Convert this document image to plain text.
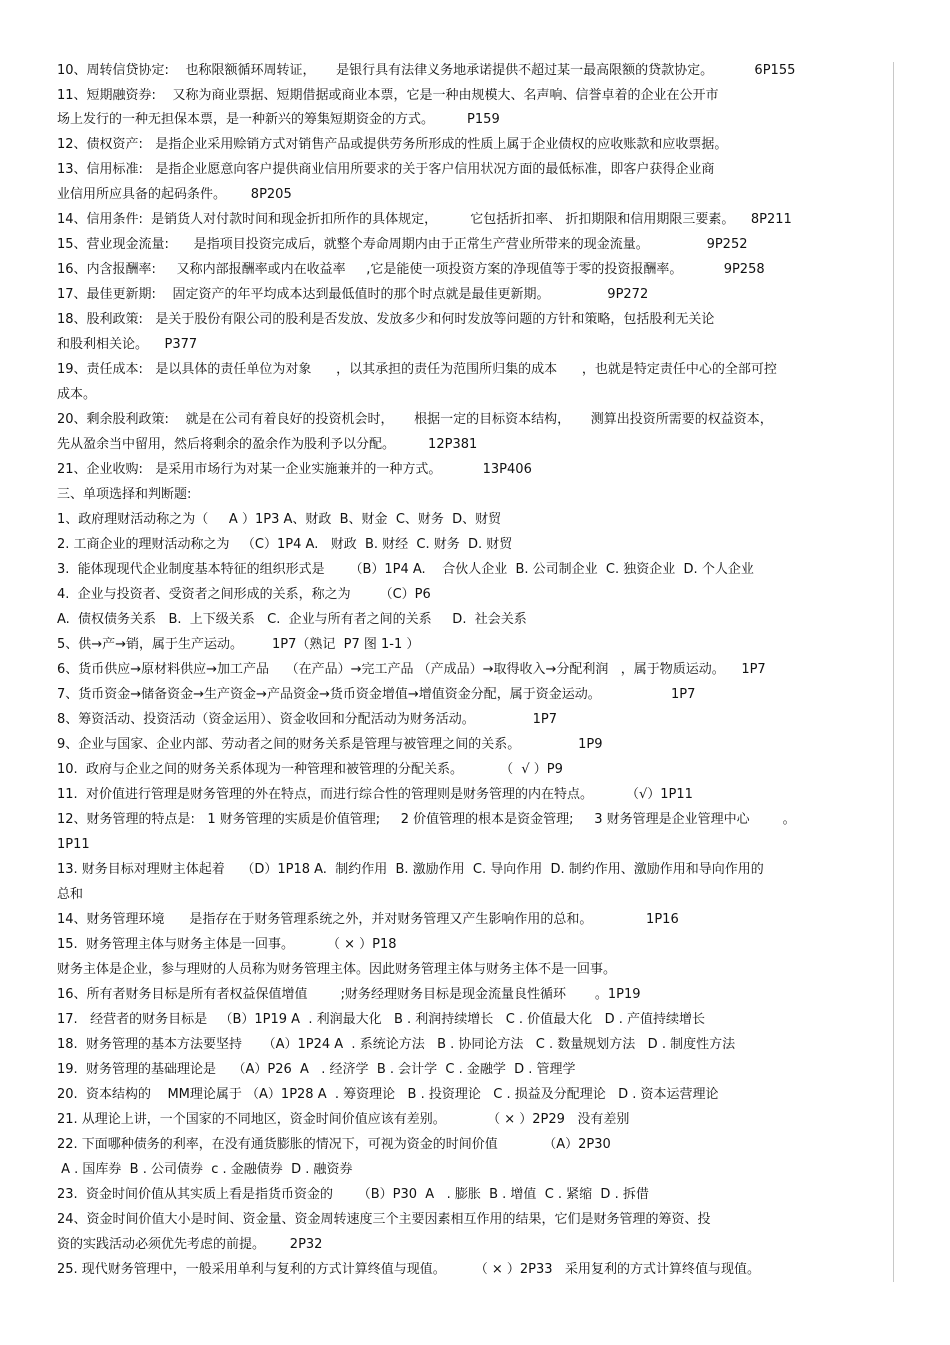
10、周转信贷协定:    也称限额循环周转证，     是银行具有法律义务地承诺提供不超过某一最高限额的贷款协定。          6P155
11、短期融资券:    又称为商业票据、短期借据或商业本票，它是一种由规模大、名声响、信誉卓着的企业在公开市
场上发行的一种无担保本票，是一种新兴的筹集短期资金的方式。        P159
12、债权资产:   是指企业采用赊销方式对销售产品或提供劳务所形成的性质上属于企业债权的应收账款和应收票据。
13、信用标准:   是指企业愿意向客户提供商业信用所要求的关于客户信用状况方面的最低标准，即客户获得企业商
业信用所应具备的起码条件。      8P205
14、信用条件:  是销货人对付款时间和现金折扣所作的具体规定，        它包括折扣率、 折扣期限和信用期限三要素。    8P211
15、营业现金流量:      是指项目投资完成后，就整个寿命周期内由于正常生产营业所带来的现金流量。              9P252
16、内含报酬率:     又称内部报酬率或内在收益率     ,它是能使一项投资方案的净现值等于零的投资报酬率。          9P258
17、最佳更新期:    固定资产的年平均成本达到最低值时的那个时点就是最佳更新期。              9P272
18、股利政策:   是关于股份有限公司的股利是否发放、发放多少和何时发放等问题的方针和策略，包括股利无关论
和股利相关论。    P377
19、责任成本:   是以具体的责任单位为对象      ，以其承担的责任为范围所归集的成本      ，也就是特定责任中心的全部可控
成本。
20、剩余股利政策:    就是在公司有着良好的投资机会时，     根据一定的目标资本结构，     测算出投资所需要的权益资本，
先从盈余当中留用，然后将剩余的盈余作为股利予以分配。        12P381
21、企业收购:   是采用市场行为对某一企业实施兼并的一种方式。          13P406
三、单项选择和判断题:
1、政府理财活动称之为（     A ）1P3 A、财政  B、财金  C、财务  D、财贸
2. 工商企业的理财活动称之为   （C）1P4 A.   财政  B. 财经  C. 财务  D. 财贸
3.  能体现现代企业制度基本特征的组织形式是      （B）1P4 A.    合伙人企业  B. 公司制企业  C. 独资企业  D. 个人企业
4.  企业与投资者、受资者之间形成的关系，称之为       （C）P6
A.  债权债务关系   B.  上下级关系   C.  企业与所有者之间的关系     D.  社会关系
5、供→产→销，属于生产运动。       1P7（熟记  P7 图 1-1 ）
6、货币供应→原材料供应→加工产品    （在产品）→完工产品 （产成品）→取得收入→分配利润   ，属于物质运动。    1P7
7、货币资金→储备资金→生产资金→产品资金→货币资金增值→增值资金分配，属于资金运动。                 1P7
8、筹资活动、投资活动（资金运用）、资金收回和分配活动为财务活动。              1P7
9、企业与国家、企业内部、劳动者之间的财务关系是管理与被管理之间的关系。              1P9
10.  政府与企业之间的财务关系体现为一种管理和被管理的分配关系。         （  √ ）P9
11.  对价值进行管理是财务管理的外在特点，而进行综合性的管理则是财务管理的内在特点。        （√）1P11
12、财务管理的特点是:   1 财务管理的实质是价值管理;     2 价值管理的根本是资金管理;     3 财务管理是企业管理中心        。
1P11
13. 财务目标对理财主体起着    （D）1P18 A.  制约作用  B. 激励作用  C. 导向作用  D. 制约作用、激励作用和导向作用的
总和
14、财务管理环境      是指存在于财务管理系统之外，并对财务管理又产生影响作用的总和。             1P16
15.  财务管理主体与财务主体是一回事。        （ × ）P18
财务主体是企业，参与理财的人员称为财务管理主体。因此财务管理主体与财务主体不是一回事。
16、所有者财务目标是所有者权益保值增值        ;财务经理财务目标是现金流量良性循环       。1P19
17.   经营者的财务目标是   （B）1P19 A  . 利润最大化   B . 利润持续增长   C . 价值最大化   D . 产值持续增长
18.  财务管理的基本方法要坚持     （A）1P24 A  . 系统论方法   B . 协同论方法   C . 数量规划方法   D . 制度性方法
19.  财务管理的基础理论是    （A）P26  A   . 经济学  B . 会计学  C . 金融学  D . 管理学
20.  资本结构的    MM理论属于 （A）1P28 A  . 筹资理论   B . 投资理论   C . 损益及分配理论   D . 资本运营理论
21. 从理论上讲，一个国家的不同地区，资金时间价值应该有差别。          （ × ）2P29   没有差别
22. 下面哪种债务的利率，在没有通货膨胀的情况下，可视为资金的时间价值           （A）2P30
A . 国库券  B . 公司债券  c . 金融债券  D . 融资券
23.  资金时间价值从其实质上看是指货币资金的      （B）P30  A   . 膨胀  B . 增值  C . 紧缩  D . 拆借
24、资金时间价值大小是时间、资金量、资金周转速度三个主要因素相互作用的结果，它们是财务管理的筹资、投
资的实践活动必须优先考虑的前提。      2P32
25. 现代财务管理中，一般采用单利与复利的方式计算终值与现值。       （ × ）2P33   采用复利的方式计算终值与现值。
